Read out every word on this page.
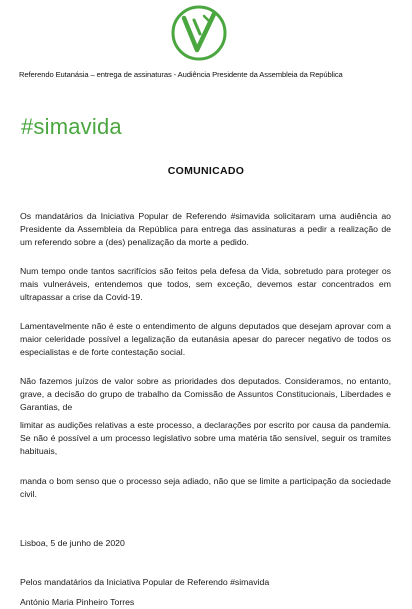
Referendo Eutanásia – entrega de assinaturas - Audiência Presidente da Assembleia da República
#simavida
COMUNICADO
Os mandatários da Iniciativa Popular de Referendo #simavida solicitaram uma audiência ao Presidente da Assembleia da República para entrega das assinaturas a pedir a realização de um referendo sobre a (des) penalização da morte a pedido.
Num tempo onde tantos sacrifícios são feitos pela defesa da Vida, sobretudo para proteger os mais vulneráveis, entendemos que todos, sem exceção, devemos estar concentrados em ultrapassar a crise da Covid-19.
Lamentavelmente não é este o entendimento de alguns deputados que desejam aprovar com a maior celeridade possível a legalização da eutanásia apesar do parecer negativo de todos os especialistas e de forte contestação social.
Não fazemos juízos de valor sobre as prioridades dos deputados. Consideramos, no entanto, grave, a decisão do grupo de trabalho da Comissão de Assuntos Constitucionais, Liberdades e Garantias, de
limitar as audições relativas a este processo, a declarações por escrito por causa da pandemia. Se não é possível a um processo legislativo sobre uma matéria tão sensível, seguir os tramites habituais,
manda o bom senso que o processo seja adiado, não que se limite a participação da sociedade civil.
Lisboa, 5 de junho de 2020
Pelos mandatários da Iniciativa Popular de Referendo #simavida
António Maria Pinheiro Torres
